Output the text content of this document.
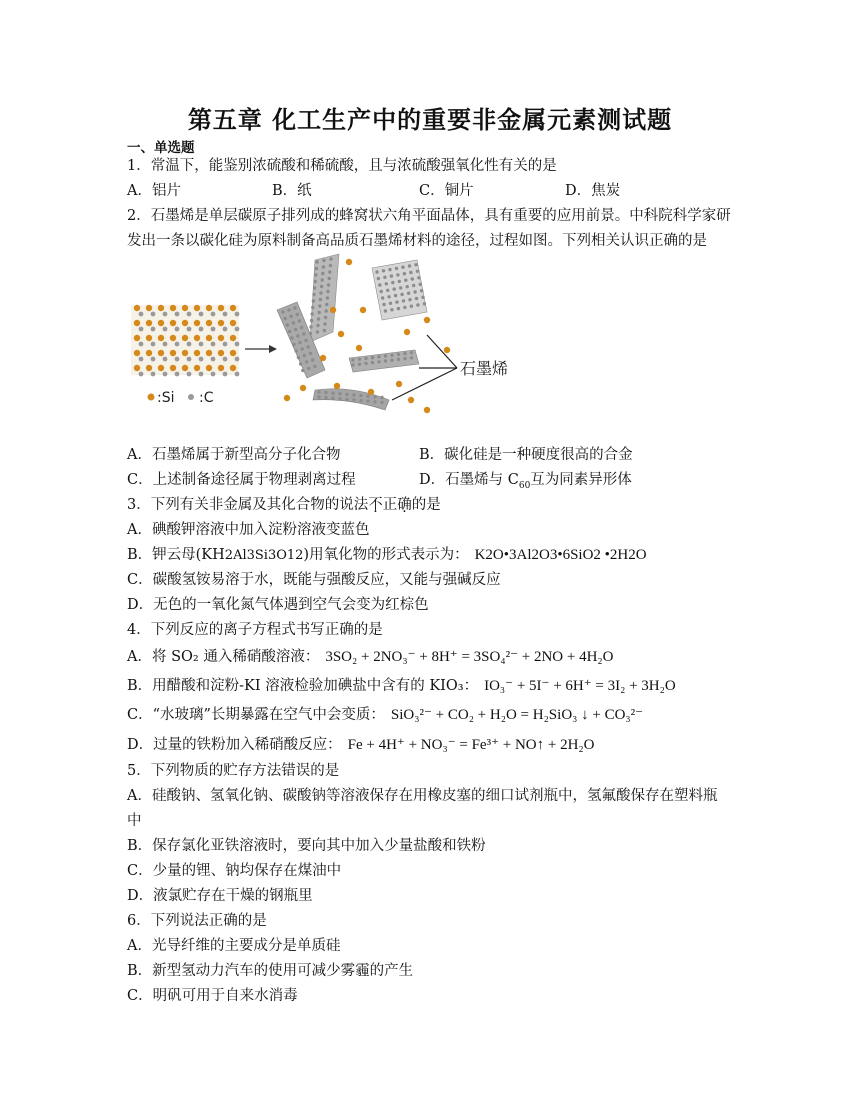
第五章 化工生产中的重要非金属元素测试题
一、单选题
1．常温下，能鉴别浓硫酸和稀硫酸，且与浓硫酸强氧化性有关的是
A．铝片	B．纸	C．铜片	D．焦炭
2．石墨烯是单层碳原子排列成的蜂窝状六角平面晶体，具有重要的应用前景。中科院科学家研
发出一条以碳化硅为原料制备高品质石墨烯材料的途径，过程如图。下列相关认识正确的是
石墨烯
:Si :C
A．石墨烯属于新型高分子化合物	B．碳化硅是一种硬度很高的合金
C．上述制备途径属于物理剥离过程	D．石墨烯与 $C_{60}$互为同素异形体
3．下列有关非金属及其化合物的说法不正确的是
A．碘酸钾溶液中加入淀粉溶液变蓝色
B．钾云母(KH2Al3Si3O12)用氧化物的形式表示为： K2O•3Al2O3•6SiO2 •2H2O
C．碳酸氢铵易溶于水，既能与强酸反应，又能与强碱反应
D．无色的一氧化氮气体遇到空气会变为红棕色
4．下列反应的离子方程式书写正确的是
A．将 SO₂ 通入稀硝酸溶液： 3SO₂ + 2NO₃⁻ + 8H⁺ = 3SO₄²⁻ + 2NO + 4H₂O
B．用醋酸和淀粉-KI 溶液检验加碘盐中含有的 KIO₃： IO₃⁻ + 5I⁻ + 6H⁺ = 3I₂ + 3H₂O
C．“水玻璃”长期暴露在空气中会变质： SiO₃²⁻ + CO₂ + H₂O = H₂SiO₃ ↓ + CO₃²⁻
D．过量的铁粉加入稀硝酸反应： Fe + 4H⁺ + NO₃⁻ = Fe³⁺ + NO↑ + 2H₂O
5．下列物质的贮存方法错误的是
A．硅酸钠、氢氧化钠、碳酸钠等溶液保存在用橡皮塞的细口试剂瓶中，氢氟酸保存在塑料瓶
中
B．保存氯化亚铁溶液时，要向其中加入少量盐酸和铁粉
C．少量的锂、钠均保存在煤油中
D．液氯贮存在干燥的钢瓶里
6．下列说法正确的是
A．光导纤维的主要成分是单质硅
B．新型氢动力汽车的使用可减少雾霾的产生
C．明矾可用于自来水消毒
